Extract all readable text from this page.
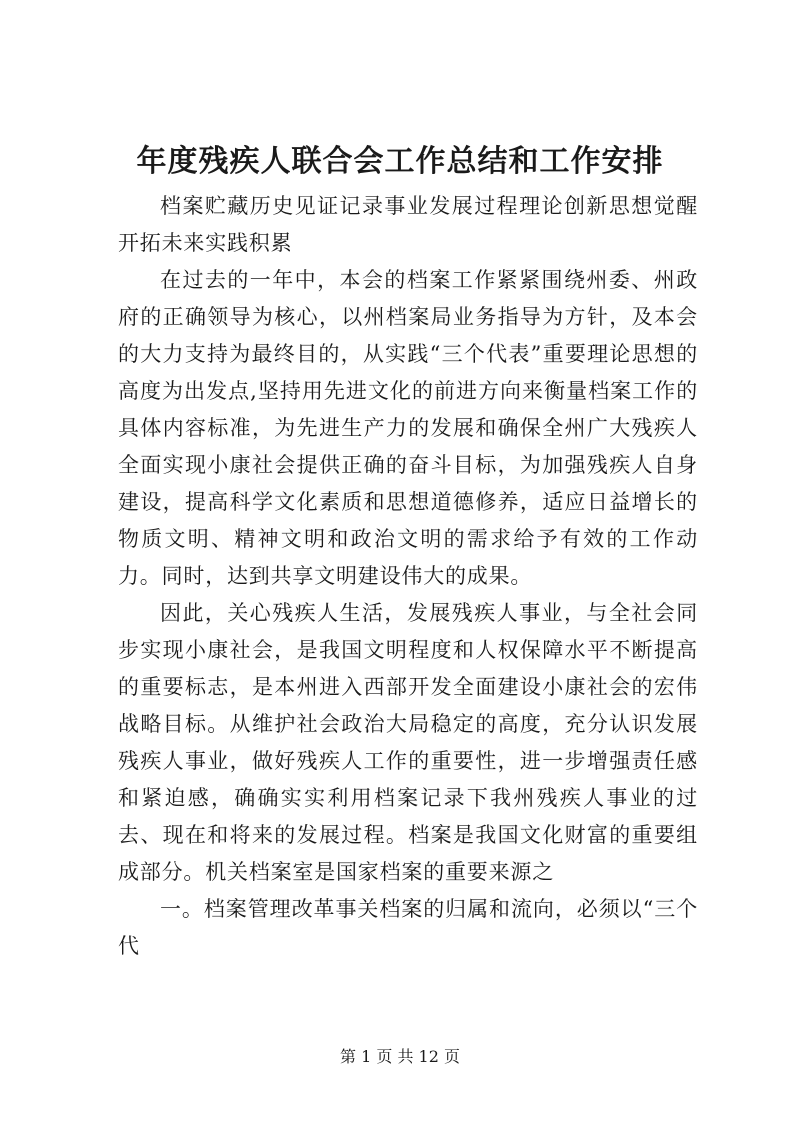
年度残疾人联合会工作总结和工作安排

档案贮藏历史见证记录事业发展过程理论创新思想觉醒开拓未来实践积累

在过去的一年中，本会的档案工作紧紧围绕州委、州政府的正确领导为核心，以州档案局业务指导为方针，及本会的大力支持为最终目的，从实践“三个代表”重要理论思想的高度为出发点,坚持用先进文化的前进方向来衡量档案工作的具体内容标准，为先进生产力的发展和确保全州广大残疾人全面实现小康社会提供正确的奋斗目标，为加强残疾人自身建设，提高科学文化素质和思想道德修养，适应日益增长的物质文明、精神文明和政治文明的需求给予有效的工作动力。同时，达到共享文明建设伟大的成果。

因此，关心残疾人生活，发展残疾人事业，与全社会同步实现小康社会，是我国文明程度和人权保障水平不断提高的重要标志，是本州进入西部开发全面建设小康社会的宏伟战略目标。从维护社会政治大局稳定的高度，充分认识发展残疾人事业，做好残疾人工作的重要性，进一步增强责任感和紧迫感，确确实实利用档案记录下我州残疾人事业的过去、现在和将来的发展过程。档案是我国文化财富的重要组成部分。机关档案室是国家档案的重要来源之

一。档案管理改革事关档案的归属和流向，必须以“三个代

第 1 页 共 12 页
